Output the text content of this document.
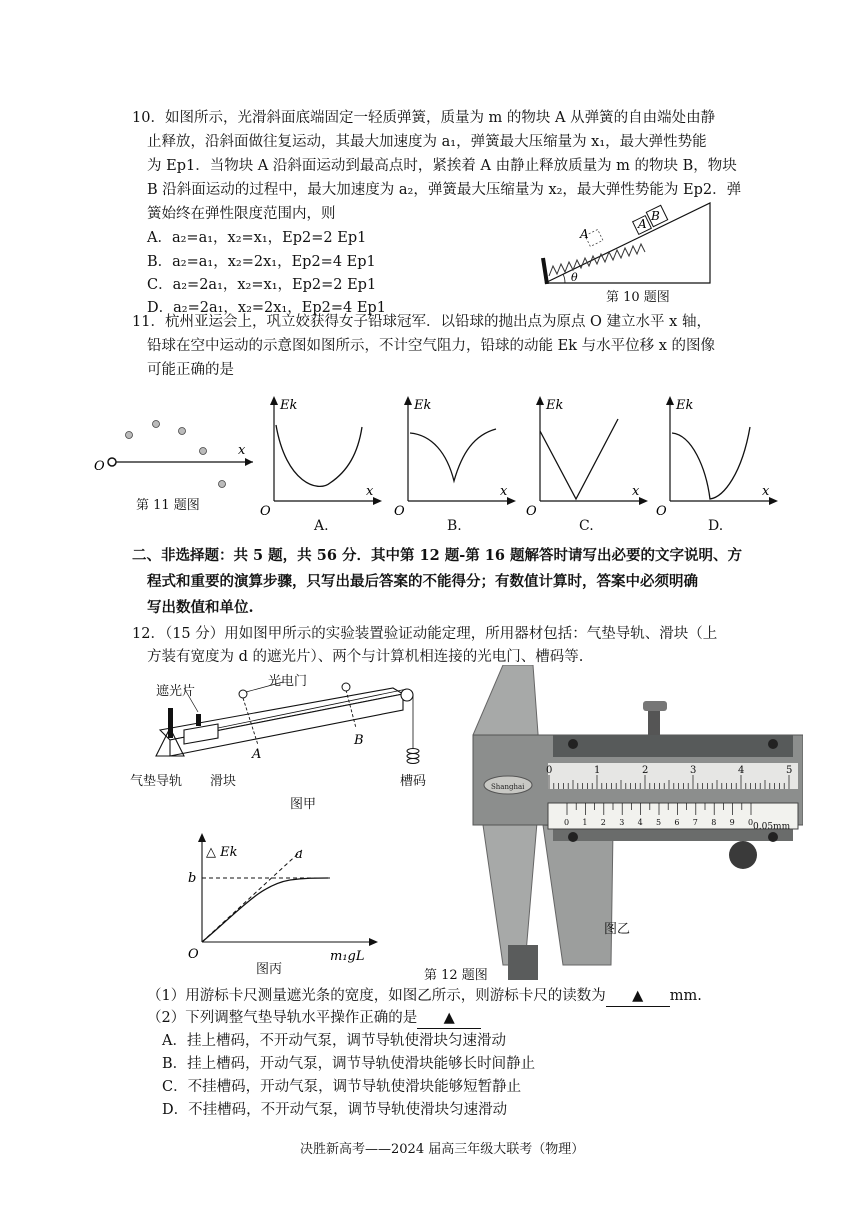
10．如图所示，光滑斜面底端固定一轻质弹簧，质量为 m 的物块 A 从弹簧的自由端处由静
止释放，沿斜面做往复运动，其最大加速度为 a₁，弹簧最大压缩量为 x₁，最大弹性势能
为 Ep1．当物块 A 沿斜面运动到最高点时，紧挨着 A 由静止释放质量为 m 的物块 B，物块
B 沿斜面运动的过程中，最大加速度为 a₂，弹簧最大压缩量为 x₂，最大弹性势能为 Ep2．弹
簧始终在弹性限度范围内，则
A．a₂=a₁，x₂=x₁，Ep2=2 Ep1
B．a₂=a₁，x₂=2x₁，Ep2=4 Ep1
C．a₂=2a₁，x₂=x₁，Ep2=2 Ep1
D．a₂=2a₁，x₂=2x₁，Ep2=4 Ep1
A
A
B
θ
第 10 题图
11．杭州亚运会上，巩立姣获得女子铅球冠军．以铅球的抛出点为原点 O 建立水平 x 轴，
铅球在空中运动的示意图如图所示，不计空气阻力，铅球的动能 Ek 与水平位移 x 的图像
可能正确的是
O
x
第 11 题图
Ek
x
O
A.
Ek
x
O
B.
Ek
x
O
C.
Ek
x
O
D.
二、非选择题：共 5 题，共 56 分．其中第 12 题-第 16 题解答时请写出必要的文字说明、方
程式和重要的演算步骤，只写出最后答案的不能得分；有数值计算时，答案中必须明确
写出数值和单位.
12．（15 分）用如图甲所示的实验装置验证动能定理，所用器材包括：气垫导轨、滑块（上
方装有宽度为 d 的遮光片）、两个与计算机相连接的光电门、槽码等.
A
B
遮光片
光电门
气垫导轨 滑块	槽码
图甲
△ Ek	a
b
O	m₁gL
图丙
Shanghai
0	1	2	3	4	5
0 1 2 3 4 5 6 7 8 9 0 0.05mm
图乙
第 12 题图
（1）用游标卡尺测量遮光条的宽度，如图乙所示，则游标卡尺的读数为 ▲ mm.
（2）下列调整气垫导轨水平操作正确的是 ▲
A．挂上槽码，不开动气泵，调节导轨使滑块匀速滑动
B．挂上槽码，开动气泵，调节导轨使滑块能够长时间静止
C．不挂槽码，开动气泵，调节导轨使滑块能够短暂静止
D．不挂槽码，不开动气泵，调节导轨使滑块匀速滑动
决胜新高考——2024 届高三年级大联考（物理）
